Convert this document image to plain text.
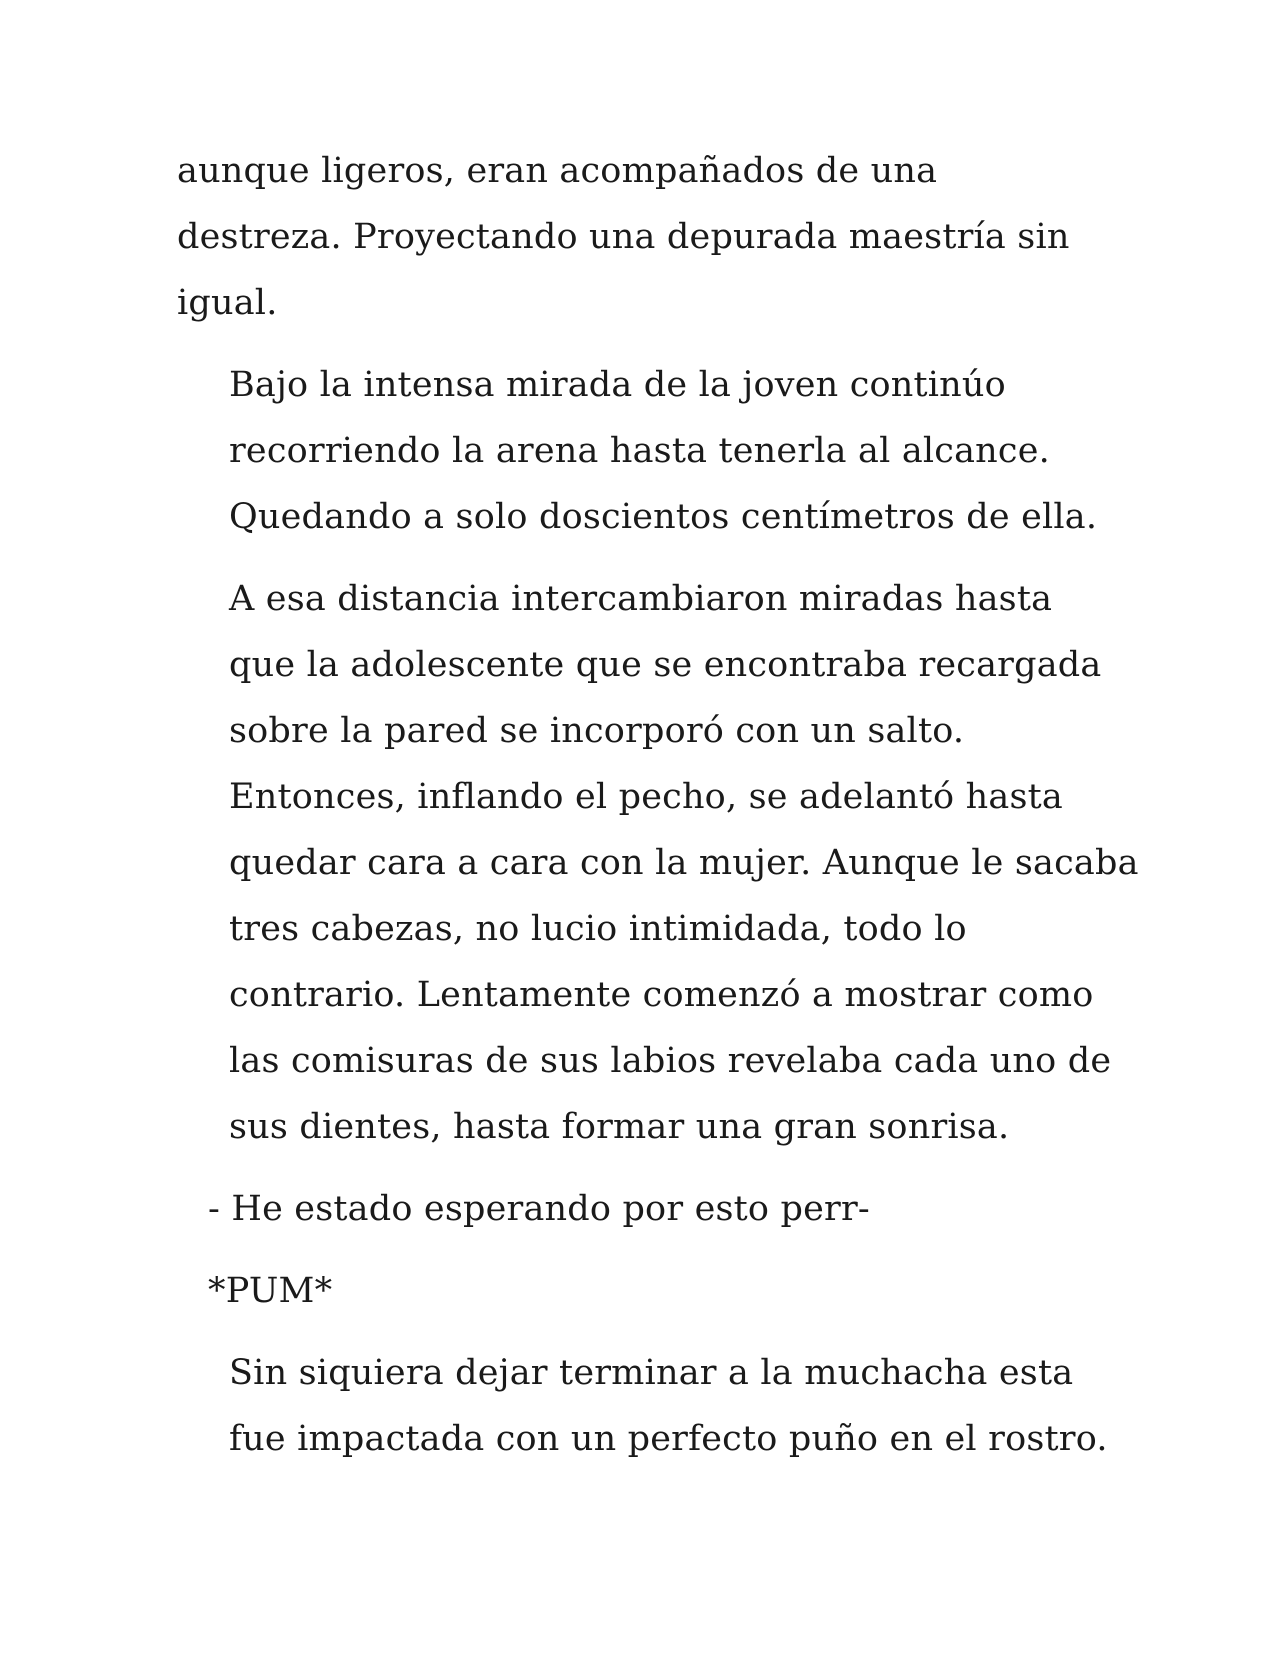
aunque ligeros, eran acompañados de una
destreza. Proyectando una depurada maestría sin
igual.

Bajo la intensa mirada de la joven continúo
recorriendo la arena hasta tenerla al alcance.
Quedando a solo doscientos centímetros de ella.

A esa distancia intercambiaron miradas hasta
que la adolescente que se encontraba recargada
sobre la pared se incorporó con un salto.
Entonces, inflando el pecho, se adelantó hasta
quedar cara a cara con la mujer. Aunque le sacaba
tres cabezas, no lucio intimidada, todo lo
contrario. Lentamente comenzó a mostrar como
las comisuras de sus labios revelaba cada uno de
sus dientes, hasta formar una gran sonrisa.

- He estado esperando por esto perr-

*PUM*

Sin siquiera dejar terminar a la muchacha esta
fue impactada con un perfecto puño en el rostro.
